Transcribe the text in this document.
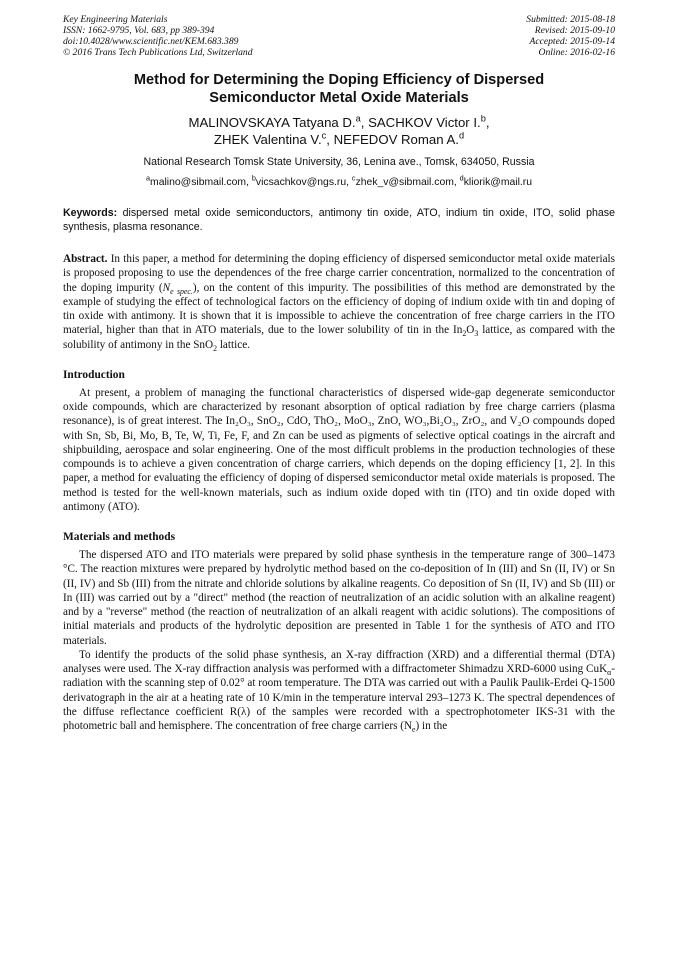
Key Engineering Materials
ISSN: 1662-9795, Vol. 683, pp 389-394
doi:10.4028/www.scientific.net/KEM.683.389
© 2016 Trans Tech Publications Ltd, Switzerland
Submitted: 2015-08-18
Revised: 2015-09-10
Accepted: 2015-09-14
Online: 2016-02-16
Method for Determining the Doping Efficiency of Dispersed
Semiconductor Metal Oxide Materials
MALINOVSKAYA Tatyana D.$^a$, SACHKOV Victor I.$^b$,
ZHEK Valentina V.$^c$, NEFEDOV Roman A.$^d$
National Research Tomsk State University, 36, Lenina ave., Tomsk, 634050, Russia
$^a$malino@sibmail.com, $^b$vicsachkov@ngs.ru, $^c$zhek_v@sibmail.com, $^d$kliorik@mail.ru
Keywords: dispersed metal oxide semiconductors, antimony tin oxide, ATO, indium tin oxide, ITO, solid phase synthesis, plasma resonance.
Abstract. In this paper, a method for determining the doping efficiency of dispersed semiconductor metal oxide materials is proposed proposing to use the dependences of the free charge carrier concentration, normalized to the concentration of the doping impurity $(N_{e spec.})$, on the content of this impurity. The possibilities of this method are demonstrated by the example of studying the effect of technological factors on the efficiency of doping of indium oxide with tin and doping of tin oxide with antimony. It is shown that it is impossible to achieve the concentration of free charge carriers in the ITO material, higher than that in ATO materials, due to the lower solubility of tin in the $In_2O_3$ lattice, as compared with the solubility of antimony in the SnO$_2$ lattice.
Introduction
At present, a problem of managing the functional characteristics of dispersed wide-gap degenerate semiconductor oxide compounds, which are characterized by resonant absorption of optical radiation by free charge carriers (plasma resonance), is of great interest. The In₂O₃, SnO₂, CdO, ThO₂, MoO₃, ZnO, WO₃,Bi₂O₃, ZrO₂, and V₂O compounds doped with Sn, Sb, Bi, Mo, B, Te, W, Ti, Fe, F, and Zn can be used as pigments of selective optical coatings in the aircraft and shipbuilding, aerospace and solar engineering. One of the most difficult problems in the production technologies of these compounds is to achieve a given concentration of charge carriers, which depends on the doping efficiency [1, 2]. In this paper, a method for evaluating the efficiency of doping of dispersed semiconductor metal oxide materials is proposed. The method is tested for the well-known materials, such as indium oxide doped with tin (ITO) and tin oxide doped with antimony (ATO).
Materials and methods
The dispersed ATO and ITO materials were prepared by solid phase synthesis in the temperature range of 300–1473 °C. The reaction mixtures were prepared by hydrolytic method based on the co-deposition of In (III) and Sn (II, IV) or Sn (II, IV) and Sb (III) from the nitrate and chloride solutions by alkaline reagents. Co deposition of Sn (II, IV) and Sb (III) or In (III) was carried out by a "direct" method (the reaction of neutralization of an acidic solution with an alkaline reagent) and by a "reverse" method (the reaction of neutralization of an alkali reagent with acidic solutions). The compositions of initial materials and products of the hydrolytic deposition are presented in Table 1 for the synthesis of ATO and ITO materials.
To identify the products of the solid phase synthesis, an X-ray diffraction (XRD) and a differential thermal (DTA) analyses were used. The X-ray diffraction analysis was performed with a diffractometer Shimadzu XRD-6000 using CuK$_\alpha$-radiation with the scanning step of 0.02° at room temperature. The DTA was carried out with a Paulik Paulik-Erdei Q-1500 derivatograph in the air at a heating rate of 10 K/min in the temperature interval 293–1273 K. The spectral dependences of the diffuse reflectance coefficient R(λ) of the samples were recorded with a spectrophotometer IKS-31 with the photometric ball and hemisphere. The concentration of free charge carriers $(N_e)$ in the
